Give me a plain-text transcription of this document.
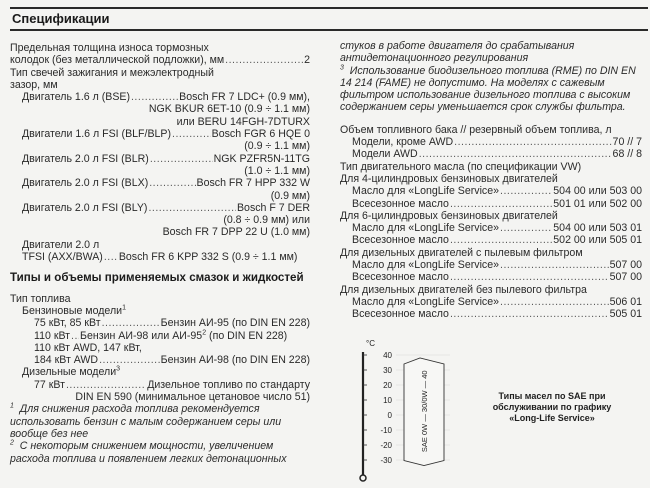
Спецификации
Предельная толщина износа тормозных
колодок (без металлической подложки), мм .....	2
Тип свечей зажигания и межэлектродный
зазор, мм
Двигатель 1.6 л (BSE) .....	Bosch FR 7 LDC+ (0.9 мм),
NGK BKUR 6ET-10 (0.9 ÷ 1.1 мм)
или BERU 14FGH-7DTURX
Двигатели 1.6 л FSI (BLF/BLP) .....	Bosch FGR 6 HQE 0
(0.9 ÷ 1.1 мм)
Двигатель 2.0 л FSI (BLR) .....	NGK PZFR5N-11TG
(1.0 ÷ 1.1 мм)
Двигатель 2.0 л FSI (BLX) .....	Bosch FR 7 HPP 332 W
(0.9 мм)
Двигатель 2.0 л FSI (BLY) .....	Bosch F 7 DER
(0.8 ÷ 0.9 мм) или
Bosch FR 7 DPP 22 U (1.0 мм)
Двигатели 2.0 л
TFSI (AXX/BWA) ..... Bosch FR 6 KPP 332 S (0.9 ÷ 1.1 мм)
Типы и объемы применяемых смазок и жидкостей
Тип топлива
Бензиновые модели$^1$
75 кВт, 85 кВт .....	Бензин АИ-95 (по DIN EN 228)
110 кВт ..... Бензин АИ-98 или $АИ-95^2$ (по DIN EN 228)
110 кВт AWD, 147 кВт,
184 кВт AWD .....	Бензин АИ-98 (по DIN EN 228)
Дизельные модели$^3$
77 кВт .....	Дизельное топливо по стандарту
DIN EN 590 (минимальное цетановое число 51)
$^1$ Для снижения расхода топлива рекомендуется использовать бензин с малым содержанием серы или вообще без нее
$^2$ С некоторым снижением мощности, увеличением расхода топлива и появлением легких детонационных
стуков в работе двигателя до срабатывания антидетонационного регулирования
$^3$ Использование биодизельного топлива (RME) по DIN EN 14 214 (FAME) не допустимо. На моделях с сажевым фильтром использование дизельного топлива с высоким содержанием серы уменьшается срок службы фильтра.
Объем топливного бака // резервный объем топлива, л
Модели, кроме AWD .....	70 // 7
Модели AWD .....	68 // 8
Тип двигательного масла (по спецификации VW)
Для 4-цилиндровых бензиновых двигателей
Масло для «LongLife Service» .....	504 00 или 503 00
Всесезонное масло .....	501 01 или 502 00
Для 6-цилиндровых бензиновых двигателей
Масло для «LongLife Service» .....	504 00 или 503 01
Всесезонное масло .....	502 00 или 505 01
Для дизельных двигателей с пылевым фильтром
Масло для «LongLife Service» .....	507 00
Всесезонное масло .....	507 00
Для дизельных двигателей без пылевого фильтра
Масло для «LongLife Service» .....	506 01
Всесезонное масло .....	505 01
°C
40
30
20
10
0
-10
-20
-30
SAE 0W — 30/0W — 40	Типы масел по SAE при
обслуживании по графику
«Long-Life Service»
